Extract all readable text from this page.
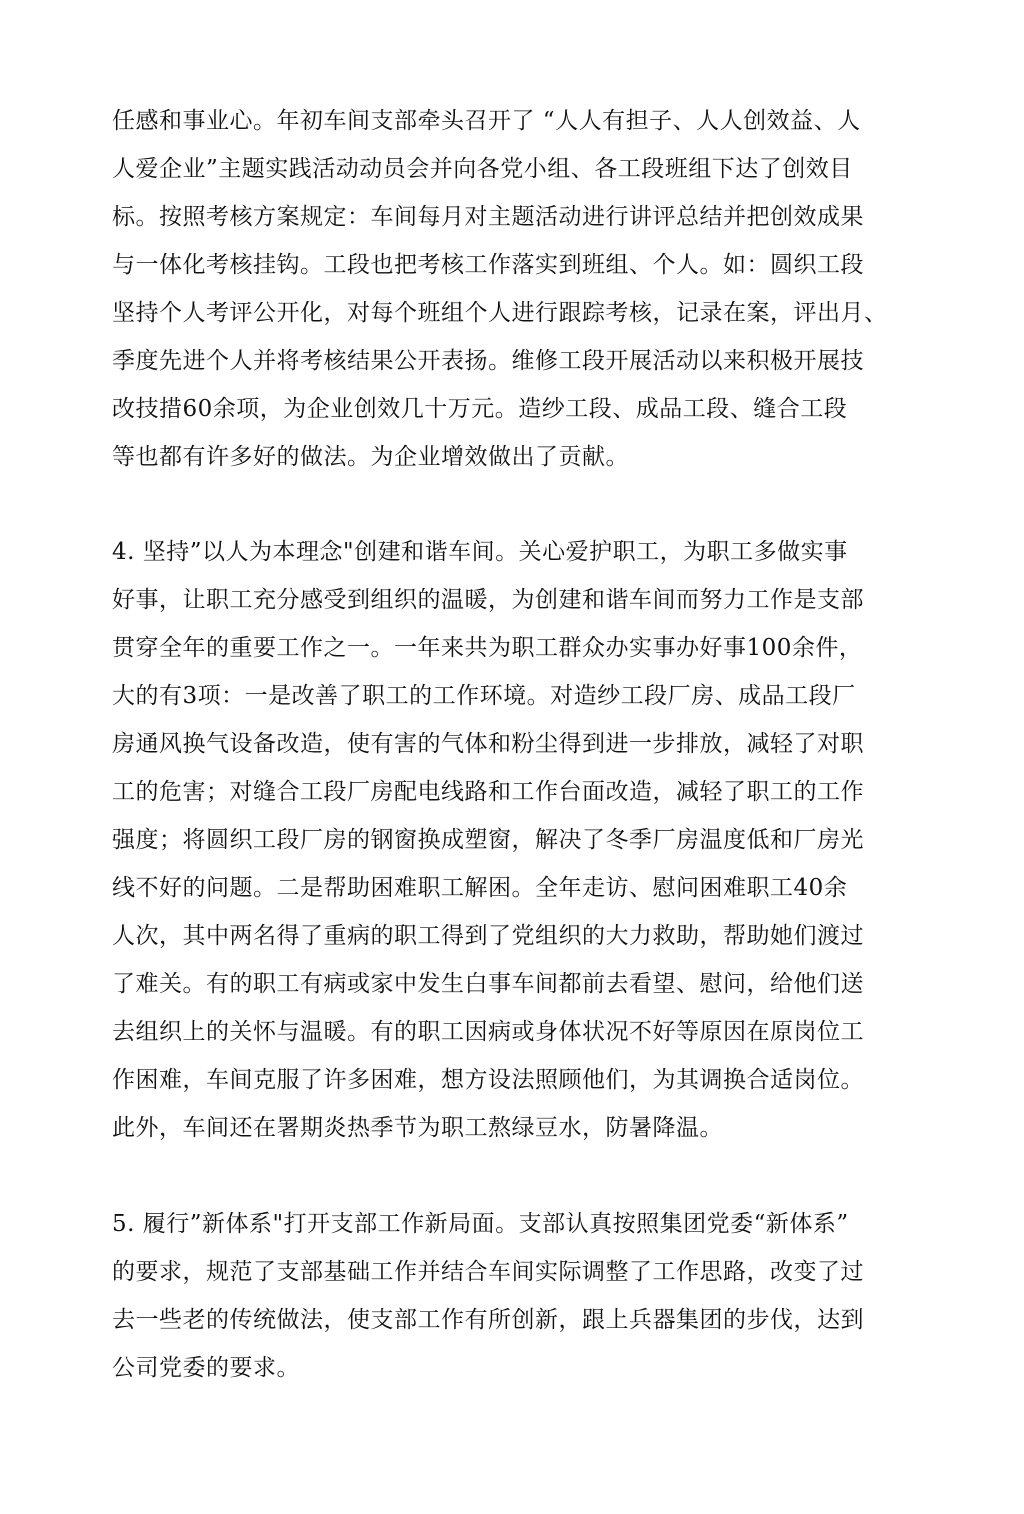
任感和事业心。年初车间支部牵头召开了 “人人有担子、人人创效益、人
人爱企业”主题实践活动动员会并向各党小组、各工段班组下达了创效目
标。按照考核方案规定：车间每月对主题活动进行讲评总结并把创效成果
与一体化考核挂钩。工段也把考核工作落实到班组、个人。如：圆织工段
坚持个人考评公开化，对每个班组个人进行跟踪考核，记录在案，评出月、
季度先进个人并将考核结果公开表扬。维修工段开展活动以来积极开展技
改技措60余项，为企业创效几十万元。造纱工段、成品工段、缝合工段
等也都有许多好的做法。为企业增效做出了贡献。
4. 坚持”以人为本理念"创建和谐车间。关心爱护职工，为职工多做实事
好事，让职工充分感受到组织的温暖，为创建和谐车间而努力工作是支部
贯穿全年的重要工作之一。一年来共为职工群众办实事办好事100余件，
大的有3项：一是改善了职工的工作环境。对造纱工段厂房、成品工段厂
房通风换气设备改造，使有害的气体和粉尘得到进一步排放，减轻了对职
工的危害；对缝合工段厂房配电线路和工作台面改造，减轻了职工的工作
强度；将圆织工段厂房的钢窗换成塑窗，解决了冬季厂房温度低和厂房光
线不好的问题。二是帮助困难职工解困。全年走访、慰问困难职工40余
人次，其中两名得了重病的职工得到了党组织的大力救助，帮助她们渡过
了难关。有的职工有病或家中发生白事车间都前去看望、慰问，给他们送
去组织上的关怀与温暖。有的职工因病或身体状况不好等原因在原岗位工
作困难，车间克服了许多困难，想方设法照顾他们，为其调换合适岗位。
此外，车间还在署期炎热季节为职工熬绿豆水，防暑降温。
5. 履行”新体系"打开支部工作新局面。支部认真按照集团党委“新体系”
的要求，规范了支部基础工作并结合车间实际调整了工作思路，改变了过
去一些老的传统做法，使支部工作有所创新，跟上兵器集团的步伐，达到
公司党委的要求。
